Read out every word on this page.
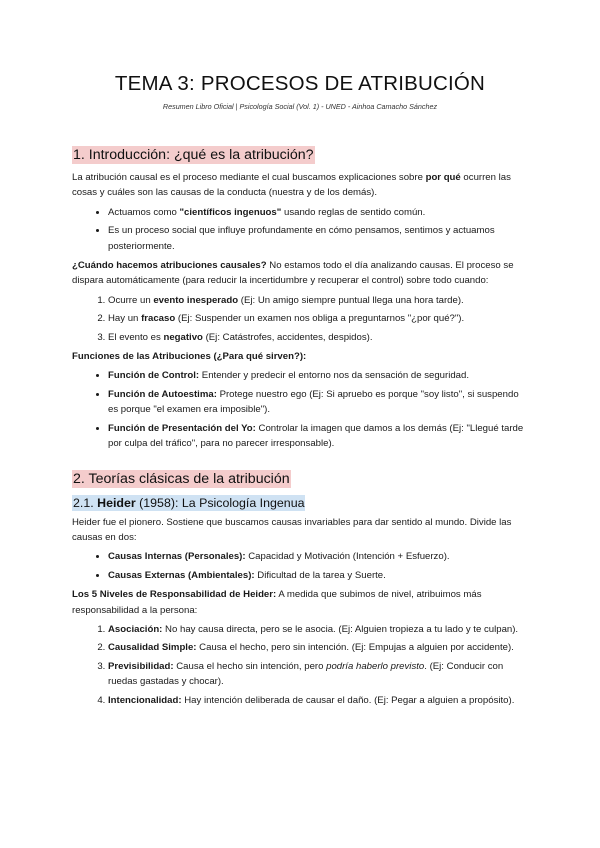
TEMA 3: PROCESOS DE ATRIBUCIÓN
Resumen Libro Oficial | Psicología Social (Vol. 1) - UNED - Ainhoa Camacho Sánchez
1. Introducción: ¿qué es la atribución?

La atribución causal es el proceso mediante el cual buscamos explicaciones sobre por qué ocurren las cosas y cuáles son las causas de la conducta (nuestra y de los demás).

• Actuamos como "científicos ingenuos" usando reglas de sentido común.
• Es un proceso social que influye profundamente en cómo pensamos, sentimos y actuamos posteriormente.

¿Cuándo hacemos atribuciones causales? No estamos todo el día analizando causas. El proceso se dispara automáticamente (para reducir la incertidumbre y recuperar el control) sobre todo cuando:

1. Ocurre un evento inesperado (Ej: Un amigo siempre puntual llega una hora tarde).
2. Hay un fracaso (Ej: Suspender un examen nos obliga a preguntarnos "¿por qué?").
3. El evento es negativo (Ej: Catástrofes, accidentes, despidos).

Funciones de las Atribuciones (¿Para qué sirven?):

• Función de Control: Entender y predecir el entorno nos da sensación de seguridad.
• Función de Autoestima: Protege nuestro ego (Ej: Si apruebo es porque "soy listo", si suspendo es porque "el examen era imposible").
• Función de Presentación del Yo: Controlar la imagen que damos a los demás (Ej: "Llegué tarde por culpa del tráfico", para no parecer irresponsable).
2. Teorías clásicas de la atribución
2.1. Heider (1958): La Psicología Ingenua

Heider fue el pionero. Sostiene que buscamos causas invariables para dar sentido al mundo. Divide las causas en dos:

• Causas Internas (Personales): Capacidad y Motivación (Intención + Esfuerzo).
• Causas Externas (Ambientales): Dificultad de la tarea y Suerte.

Los 5 Niveles de Responsabilidad de Heider: A medida que subimos de nivel, atribuimos más responsabilidad a la persona:

1. Asociación: No hay causa directa, pero se le asocia. (Ej: Alguien tropieza a tu lado y te culpan).
2. Causalidad Simple: Causa el hecho, pero sin intención. (Ej: Empujas a alguien por accidente).
3. Previsibilidad: Causa el hecho sin intención, pero podría haberlo previsto. (Ej: Conducir con ruedas gastadas y chocar).
4. Intencionalidad: Hay intención deliberada de causar el daño. (Ej: Pegar a alguien a propósito).
